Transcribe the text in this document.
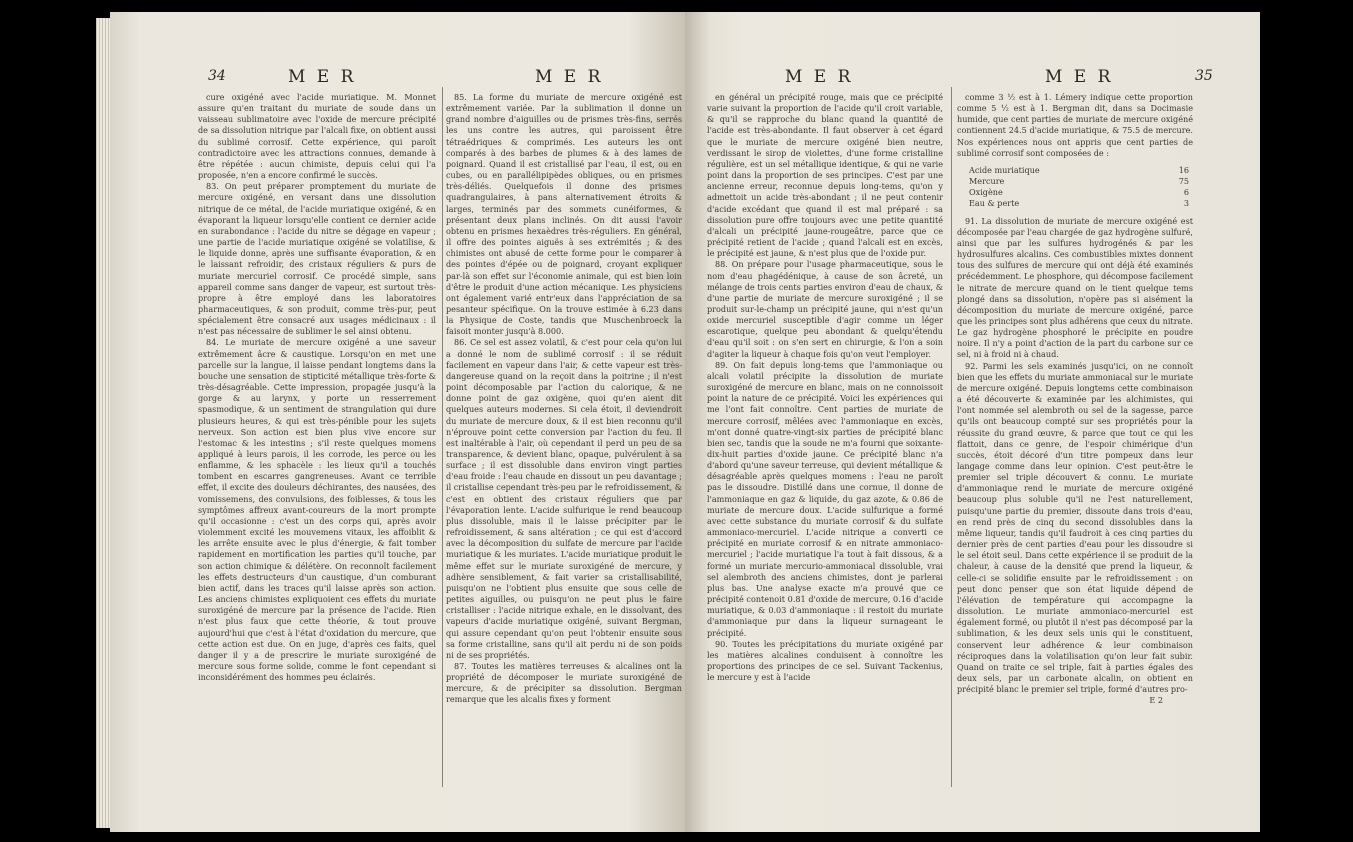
34	M E R	M E R

cure oxigéné avec l'acide muriatique. M. Monnet assure qu'en traitant du muriate de soude dans un vaisseau sublimatoire avec l'oxide de mercure précipité de sa dissolution nitrique par l'alcali fixe, on obtient aussi du sublimé corrosif. Cette expérience, qui paroît contradictoire avec les attractions connues, demande à être répétée : aucun chimiste, depuis celui qui l'a proposée, n'en a encore confirmé le succès.

83. On peut préparer promptement du muriate de mercure oxigéné, en versant dans une dissolution nitrique de ce métal, de l'acide muriatique oxigéné, & en évaporant la liqueur lorsqu'elle contient ce dernier acide en surabondance : l'acide du nitre se dégage en vapeur ; une partie de l'acide muriatique oxigéné se volatilise, & le liquide donne, après une suffisante évaporation, & en le laissant refroidir, des cristaux réguliers & purs de muriate mercuriel corrosif. Ce procédé simple, sans appareil comme sans danger de vapeur, est surtout très-propre à être employé dans les laboratoires pharmaceutiques, & son produit, comme très-pur, peut spécialement être consacré aux usages médicinaux : il n'est pas nécessaire de sublimer le sel ainsi obtenu.

84. Le muriate de mercure oxigéné a une saveur extrêmement âcre & caustique. Lorsqu'on en met une parcelle sur la langue, il laisse pendant longtems dans la bouche une sensation de stipticité métallique très-forte & très-désagréable. Cette impression, propagée jusqu'à la gorge & au larynx, y porte un resserrement spasmodique, & un sentiment de strangulation qui dure plusieurs heures, & qui est très-pénible pour les sujets nerveux. Son action est bien plus vive encore sur l'estomac & les intestins ; s'il reste quelques momens appliqué à leurs parois, il les corrode, les perce ou les enflamme, & les sphacèle : les lieux qu'il a touchés tombent en escarres gangreneuses. Avant ce terrible effet, il excite des douleurs déchirantes, des nausées, des vomissemens, des convulsions, des foiblesses, & tous les symptômes affreux avant-coureurs de la mort prompte qu'il occasionne : c'est un des corps qui, après avoir violemment excité les mouvemens vitaux, les affoiblit & les arrête ensuite avec le plus d'énergie, & fait tomber rapidement en mortification les parties qu'il touche, par son action chimique & délétère. On reconnoît facilement les effets destructeurs d'un caustique, d'un comburant bien actif, dans les traces qu'il laisse après son action. Les anciens chimistes expliquoient ces effets du muriate suroxigéné de mercure par la présence de l'acide. Rien n'est plus faux que cette théorie, & tout prouve aujourd'hui que c'est à l'état d'oxidation du mercure, que cette action est due. On en juge, d'après ces faits, quel danger il y a de prescrire le muriate suroxigéné de mercure sous forme solide, comme le font cependant si inconsidérément des hommes peu éclairés.

85. La forme du muriate de mercure oxigéné est extrêmement variée. Par la sublimation il donne un grand nombre d'aiguilles ou de prismes très-fins, serrés les uns contre les autres, qui paroissent être tétraédriques & comprimés. Les auteurs les ont comparés à des barbes de plumes & à des lames de poignard. Quand il est cristallisé par l'eau, il est, ou en cubes, ou en parallélipipèdes obliques, ou en prismes très-déliés. Quelquefois il donne des prismes quadrangulaires, à pans alternativement étroits & larges, terminés par des sommets cunéiformes, & présentant deux plans inclinés. On dit aussi l'avoir obtenu en prismes hexaèdres très-réguliers. En général, il offre des pointes aiguës à ses extrémités ; & des chimistes ont abusé de cette forme pour le comparer à des pointes d'épée ou de poignard, croyant expliquer par-là son effet sur l'économie animale, qui est bien loin d'être le produit d'une action mécanique. Les physiciens ont également varié entr'eux dans l'appréciation de sa pesanteur spécifique. On la trouve estimée à 6.23 dans la Physique de Coste, tandis que Muschenbroeck la faisoit monter jusqu'à 8.000.

86. Ce sel est assez volatil, & c'est pour cela qu'on lui a donné le nom de sublimé corrosif : il se réduit facilement en vapeur dans l'air, & cette vapeur est très-dangereuse quand on la reçoit dans la poitrine ; il n'est point décomposable par l'action du calorique, & ne donne point de gaz oxigène, quoi qu'en aient dit quelques auteurs modernes. Si cela étoit, il deviendroit du muriate de mercure doux, & il est bien reconnu qu'il n'éprouve point cette conversion par l'action du feu. Il est inaltérable à l'air, où cependant il perd un peu de sa transparence, & devient blanc, opaque, pulvérulent à sa surface ; il est dissoluble dans environ vingt parties d'eau froide : l'eau chaude en dissout un peu davantage ; il cristallise cependant très-peu par le refroidissement, & c'est en obtient des cristaux réguliers que par l'évaporation lente. L'acide sulfurique le rend beaucoup plus dissoluble, mais il le laisse précipiter par le refroidissement, & sans altération ; ce qui est d'accord avec la décomposition du sulfate de mercure par l'acide muriatique & les muriates. L'acide muriatique produit le même effet sur le muriate suroxigéné de mercure, y adhère sensiblement, & fait varier sa cristallisabilité, puisqu'on ne l'obtient plus ensuite que sous celle de petites aiguilles, ou puisqu'on ne peut plus le faire cristalliser : l'acide nitrique exhale, en le dissolvant, des vapeurs d'acide muriatique oxigéné, suivant Bergman, qui assure cependant qu'on peut l'obtenir ensuite sous sa forme cristalline, sans qu'il ait perdu ni de son poids ni de ses propriétés.

87. Toutes les matières terreuses & alcalines ont la propriété de décomposer le muriate suroxigéné de mercure, & de précipiter sa dissolution. Bergman remarque que les alcalis fixes y forment

M E R	M E R	35

en général un précipité rouge, mais que ce précipité varie suivant la proportion de l'acide qu'il croit variable, & qu'il se rapproche du blanc quand la quantité de l'acide est très-abondante. Il faut observer à cet égard que le muriate de mercure oxigéné bien neutre, verdissant le sirop de violettes, d'une forme cristalline régulière, est un sel métallique identique, & qui ne varie point dans la proportion de ses principes. C'est par une ancienne erreur, reconnue depuis long-tems, qu'on y admettoit un acide très-abondant ; il ne peut contenir d'acide excédant que quand il est mal préparé : sa dissolution pure offre toujours avec une petite quantité d'alcali un précipité jaune-rougeâtre, parce que ce précipité retient de l'acide ; quand l'alcali est en excès, le précipité est jaune, & n'est plus que de l'oxide pur.

88. On prépare pour l'usage pharmaceutique, sous le nom d'eau phagédénique, à cause de son âcreté, un mélange de trois cents parties environ d'eau de chaux, & d'une partie de muriate de mercure suroxigéné ; il se produit sur-le-champ un précipité jaune, qui n'est qu'un oxide mercuriel susceptible d'agir comme un léger escarotique, quelque peu abondant & quelqu'étendu d'eau qu'il soit : on s'en sert en chirurgie, & l'on a soin d'agiter la liqueur à chaque fois qu'on veut l'employer.

89. On fait depuis long-tems que l'ammoniaque ou alcali volatil précipite la dissolution de muriate suroxigéné de mercure en blanc, mais on ne connoissoit point la nature de ce précipité. Voici les expériences qui me l'ont fait connoître. Cent parties de muriate de mercure corrosif, mêlées avec l'ammoniaque en excès, m'ont donné quatre-vingt-six parties de précipité blanc bien sec, tandis que la soude ne m'a fourni que soixante-dix-huit parties d'oxide jaune. Ce précipité blanc n'a d'abord qu'une saveur terreuse, qui devient métallique & désagréable après quelques momens : l'eau ne paroît pas le dissoudre. Distillé dans une cornue, il donne de l'ammoniaque en gaz & liquide, du gaz azote, & 0.86 de muriate de mercure doux. L'acide sulfurique a formé avec cette substance du muriate corrosif & du sulfate ammoniaco-mercuriel. L'acide nitrique a converti ce précipité en muriate corrosif & en nitrate ammoniaco-mercuriel ; l'acide muriatique l'a tout à fait dissous, & a formé un muriate mercurio-ammoniacal dissoluble, vrai sel alembroth des anciens chimistes, dont je parlerai plus bas. Une analyse exacte m'a prouvé que ce précipité contenoit 0.81 d'oxide de mercure, 0.16 d'acide muriatique, & 0.03 d'ammoniaque : il restoit du muriate d'ammoniaque pur dans la liqueur surnageant le précipité.

90. Toutes les précipitations du muriate oxigéné par les matières alcalines conduisent à connoître les proportions des principes de ce sel. Suivant Tackenius, le mercure y est à l'acide

comme 3 ½ est à 1. Lémery indique cette proportion comme 5 ½ est à 1. Bergman dit, dans sa Docimasie humide, que cent parties de muriate de mercure oxigéné contiennent 24.5 d'acide muriatique, & 75.5 de mercure. Nos expériences nous ont appris que cent parties de sublimé corrosif sont composées de :

Acide muriatique	16
Mercure	75
Oxigène	6
Eau & perte	3

91. La dissolution de muriate de mercure oxigéné est décomposée par l'eau chargée de gaz hydrogène sulfuré, ainsi que par les sulfures hydrogénés & par les hydrosulfures alcalins. Ces combustibles mixtes donnent tous des sulfures de mercure qui ont déjà été examinés précédemment. Le phosphore, qui décompose facilement le nitrate de mercure quand on le tient quelque tems plongé dans sa dissolution, n'opère pas si aisément la décomposition du muriate de mercure oxigéné, parce que les principes sont plus adhérens que ceux du nitrate. Le gaz hydrogène phosphoré le précipite en poudre noire. Il n'y a point d'action de la part du carbone sur ce sel, ni à froid ni à chaud.

92. Parmi les sels examinés jusqu'ici, on ne connoît bien que les effets du muriate ammoniacal sur le muriate de mercure oxigéné. Depuis longtems cette combinaison a été découverte & examinée par les alchimistes, qui l'ont nommée sel alembroth ou sel de la sagesse, parce qu'ils ont beaucoup compté sur ses propriétés pour la réussite du grand œuvre, & parce que tout ce qui les flattoit, dans ce genre, de l'espoir chimérique d'un succès, étoit décoré d'un titre pompeux dans leur langage comme dans leur opinion. C'est peut-être le premier sel triple découvert & connu. Le muriate d'ammoniaque rend le muriate de mercure oxigéné beaucoup plus soluble qu'il ne l'est naturellement, puisqu'une partie du premier, dissoute dans trois d'eau, en rend près de cinq du second dissolubles dans la même liqueur, tandis qu'il faudroit à ces cinq parties du dernier près de cent parties d'eau pour les dissoudre si le sel étoit seul. Dans cette expérience il se produit de la chaleur, à cause de la densité que prend la liqueur, & celle-ci se solidifie ensuite par le refroidissement : on peut donc penser que son état liquide dépend de l'élévation de température qui accompagne la dissolution. Le muriate ammoniaco-mercuriel est également formé, ou plutôt il n'est pas décomposé par la sublimation, & les deux sels unis qui le constituent, conservent leur adhérence & leur combinaison réciproques dans la volatilisation qu'on leur fait subir. Quand on traite ce sel triple, fait à parties égales des deux sels, par un carbonate alcalin, on obtient en précipité blanc le premier sel triple, formé d'autres pro-

E 2
